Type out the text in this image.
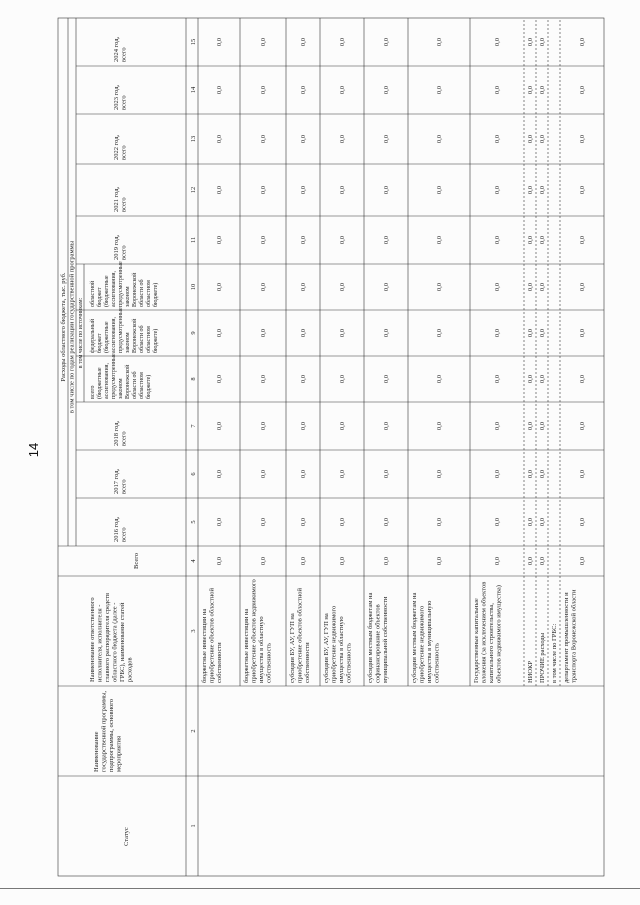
14
Расходы областного бюджета, тыс. руб. в том числе по годам реализации государственной программы
Статус
Наименованиегосударственной программы,подпрограммы, основногомероприятия
Наименование ответственногоисполнителя, исполнителя -главного распорядителя средствобластного бюджета (далее -ГРБС), наименование статейрасходов
Всего
2016 год,всего
2017 год,всего
2018 год,всего
в том числе по источникам:
всего(бюджетныеассигнования,предусмотренныезакономВоронежскойобласти обобластномбюджете)
федеральныйбюджет(бюджетныеассигнования,предусмотренныезакономВоронежскойобласти обобластномбюджете)
областнойбюджет(бюджетныеассигнования,предусмотренныезакономВоронежскойобласти обобластномбюджете)
2019 год,всего
2021 год,всего
2022 год,всего
2023 год,всего
2024 год,всего
1
2
3
4
5
6
7
8
9
10
11
12
13
14
15
бюджетные инвестиции наприобретение объектов областнойсобственности
0,0
0,0
0,0
0,0
0,0
0,0
0,0
0,0
0,0
0,0
0,0
0,0
бюджетные инвестиции наприобретение объектов недвижимогоимущества в областнуюсобственность
0,0
0,0
0,0
0,0
0,0
0,0
0,0
0,0
0,0
0,0
0,0
0,0
субсидии БУ, АУ, ГУП наприобретение объектов областнойсобственности
0,0
0,0
0,0
0,0
0,0
0,0
0,0
0,0
0,0
0,0
0,0
0,0
субсидии БУ, АУ, ГУП наприобретение недвижимогоимущества в областнуюсобственность
0,0
0,0
0,0
0,0
0,0
0,0
0,0
0,0
0,0
0,0
0,0
0,0
субсидии местным бюджетам насофинансирование объектовмуниципальной собственности
0,0
0,0
0,0
0,0
0,0
0,0
0,0
0,0
0,0
0,0
0,0
0,0
субсидии местным бюджетам наприобретение недвижимогоимущества в муниципальнуюсобственность
0,0
0,0
0,0
0,0
0,0
0,0
0,0
0,0
0,0
0,0
0,0
0,0
Государственные капитальныевложения (за исключением объектовкапитального строительства,объектов недвижимого имущества)
0,0
0,0
0,0
0,0
0,0
0,0
0,0
0,0
0,0
0,0
0,0
0,0
НИОКР
0,0
0,0
0,0
0,0
0,0
0,0
0,0
0,0
0,0
0,0
0,0
0,0
ПРОЧИЕ расходы
0,0
0,0
0,0
0,0
0,0
0,0
0,0
0,0
0,0
0,0
0,0
0,0
в том числе по ГРБС: департамент промышленности итранспорта Воронежской области
0,0
0,0
0,0
0,0
0,0
0,0
0,0
0,0
0,0
0,0
0,0
0,0
